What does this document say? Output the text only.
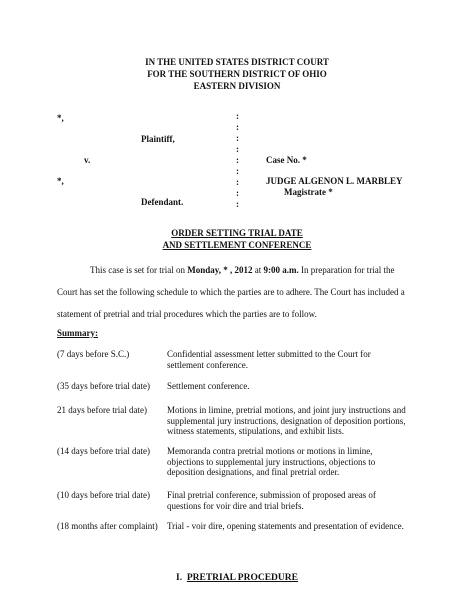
IN THE UNITED STATES DISTRICT COURT
FOR THE SOUTHERN DISTRICT OF OHIO
EASTERN DIVISION
*,
Plaintiff,
v.
*,
Defendant.
:
:
:
:
:
:
:
:
:
Case No. *
JUDGE ALGENON L. MARBLEY
Magistrate *
ORDER SETTING TRIAL DATE
AND SETTLEMENT CONFERENCE
This case is set for trial on Monday, * , 2012 at 9:00 a.m. In preparation for trial the
Court has set the following schedule to which the parties are to adhere. The Court has included a
statement of pretrial and trial procedures which the parties are to follow.
Summary:
(7 days before S.C.)	Confidential assessment letter submitted to the Court for
settlement conference.
(35 days before trial date) Settlement conference.
21 days before trial date) Motions in limine, pretrial motions, and joint jury instructions and
supplemental jury instructions, designation of deposition portions,
witness statements, stipulations, and exhibit lists.
(14 days before trial date) Memoranda contra pretrial motions or motions in limine,
objections to supplemental jury instructions, objections to
deposition designations, and final pretrial order.
(10 days before trial date) Final pretrial conference, submission of proposed areas of
questions for voir dire and trial briefs.
(18 months after complaint) Trial - voir dire, opening statements and presentation of evidence.
I. PRETRIAL PROCEDURE
